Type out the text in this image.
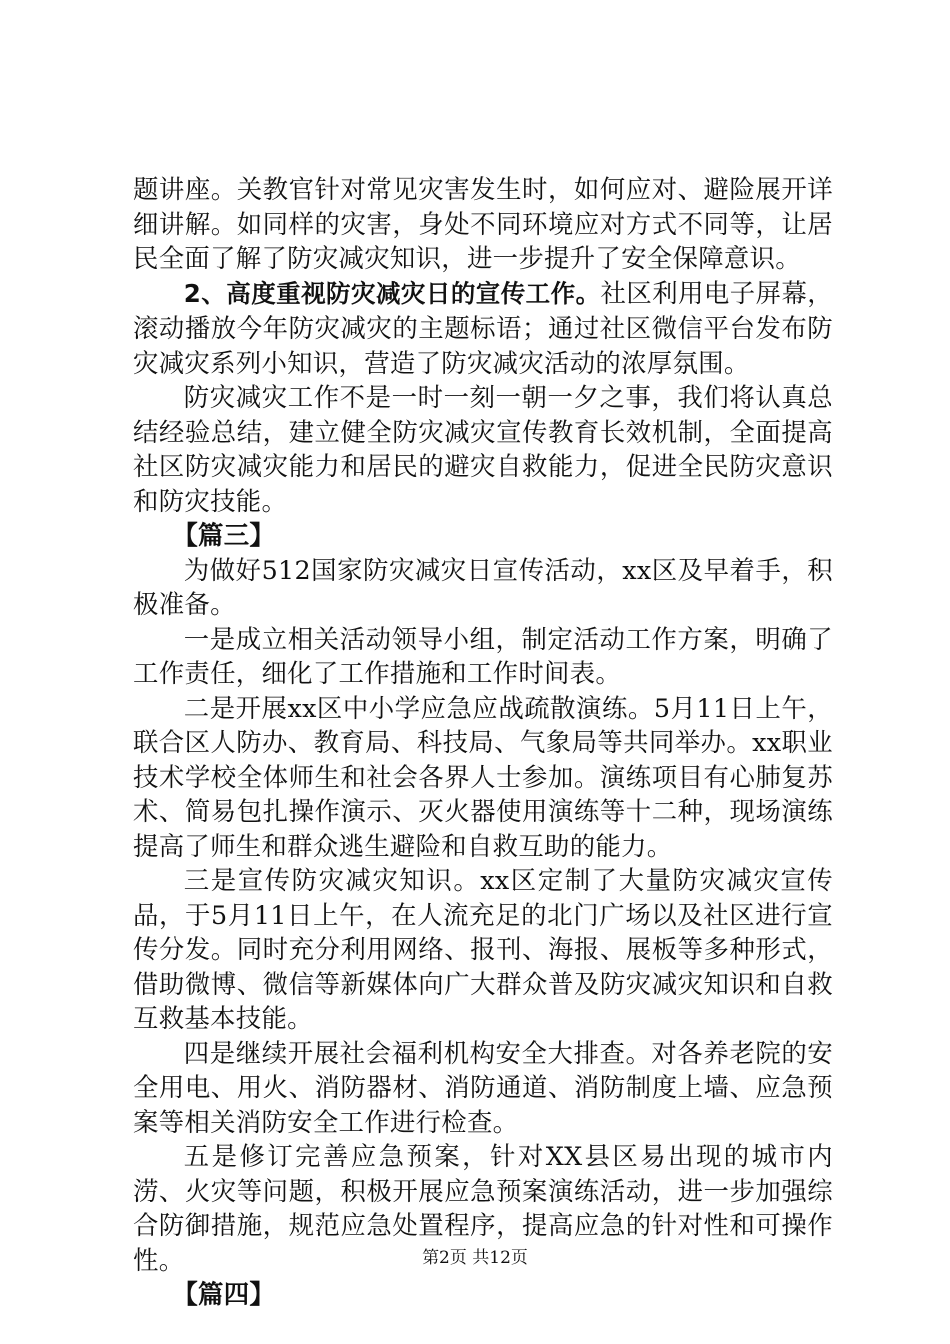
题讲座。关教官针对常见灾害发生时，如何应对、避险展开详细讲解。如同样的灾害，身处不同环境应对方式不同等，让居民全面了解了防灾减灾知识，进一步提升了安全保障意识。

2、高度重视防灾减灾日的宣传工作。社区利用电子屏幕，滚动播放今年防灾减灾的主题标语；通过社区微信平台发布防灾减灾系列小知识，营造了防灾减灾活动的浓厚氛围。

防灾减灾工作不是一时一刻一朝一夕之事，我们将认真总结经验总结，建立健全防灾减灾宣传教育长效机制，全面提高社区防灾减灾能力和居民的避灾自救能力，促进全民防灾意识和防灾技能。

【篇三】

为做好512国家防灾减灾日宣传活动，xx区及早着手，积极准备。

一是成立相关活动领导小组，制定活动工作方案，明确了工作责任，细化了工作措施和工作时间表。

二是开展xx区中小学应急应战疏散演练。5月11日上午，联合区人防办、教育局、科技局、气象局等共同举办。xx职业技术学校全体师生和社会各界人士参加。演练项目有心肺复苏术、简易包扎操作演示、灭火器使用演练等十二种，现场演练提高了师生和群众逃生避险和自救互助的能力。

三是宣传防灾减灾知识。xx区定制了大量防灾减灾宣传品，于5月11日上午，在人流充足的北门广场以及社区进行宣传分发。同时充分利用网络、报刊、海报、展板等多种形式，借助微博、微信等新媒体向广大群众普及防灾减灾知识和自救互救基本技能。

四是继续开展社会福利机构安全大排查。对各养老院的安全用电、用火、消防器材、消防通道、消防制度上墙、应急预案等相关消防安全工作进行检查。

五是修订完善应急预案，针对XX县区易出现的城市内涝、火灾等问题，积极开展应急预案演练活动，进一步加强综合防御措施，规范应急处置程序，提高应急的针对性和可操作性。

【篇四】

第2页 共12页
